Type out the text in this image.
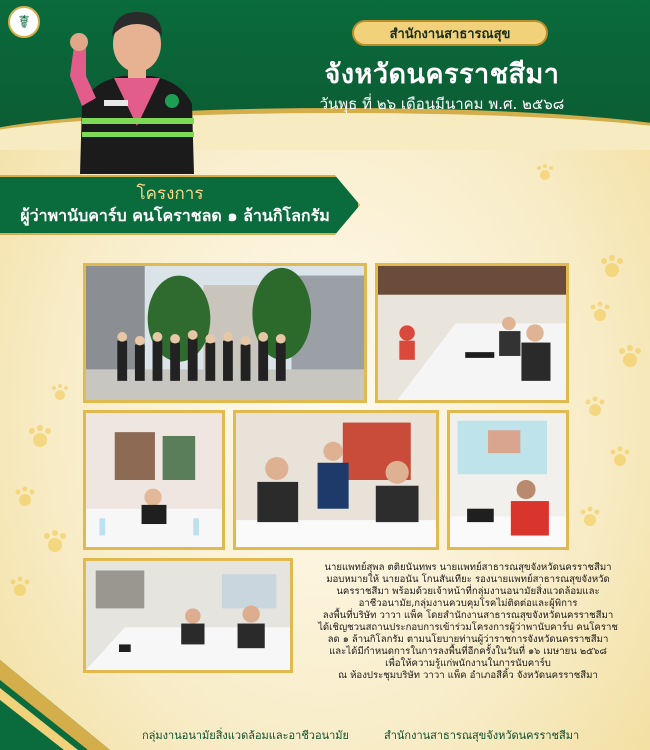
☤
สำนักงานสาธารณสุข
จังหวัดนครราชสีมา
วันพุธ ที่ ๒๖ เดือนมีนาคม พ.ศ. ๒๕๖๘
โครงการ
ผู้ว่าพานับคาร์บ คนโคราชลด ๑ ล้านกิโลกรัม
นายแพทย์สุพล ตติยนันทพร นายแพทย์สาธารณสุขจังหวัดนครราชสีมา
มอบหมายให้ นายอนัน โกนสันเทียะ รองนายแพทย์สาธารณสุขจังหวัด
นครราชสีมา พร้อมด้วยเจ้าหน้าที่กลุ่มงานอนามัยสิ่งแวดล้อมและ
อาชีวอนามัย,กลุ่มงานควบคุมโรคไม่ติดต่อและผู้พิการ
ลงพื้นที่บริษัท วาวา แพ็ค โดยสำนักงานสาธารณสุขจังหวัดนครราชสีมา
ได้เชิญชวนสถานประกอบการเข้าร่วมโครงการผู้ว่าพานับคาร์บ คนโคราช
ลด ๑ ล้านกิโลกรัม ตามนโยบายท่านผู้ว่าราชการจังหวัดนครราชสีมา
และได้มีกำหนดการในการลงพื้นที่อีกครั้งในวันที่ ๑๖ เมษายน ๒๕๖๘
เพื่อให้ความรู้แก่พนักงานในการนับคาร์บ
ณ ห้องประชุมบริษัท วาวา แพ็ค อำเภอสีคิ้ว จังหวัดนครราชสีมา
กลุ่มงานอนามัยสิ่งแวดล้อมและอาชีวอนามัย	สำนักงานสาธารณสุขจังหวัดนครราชสีมา
